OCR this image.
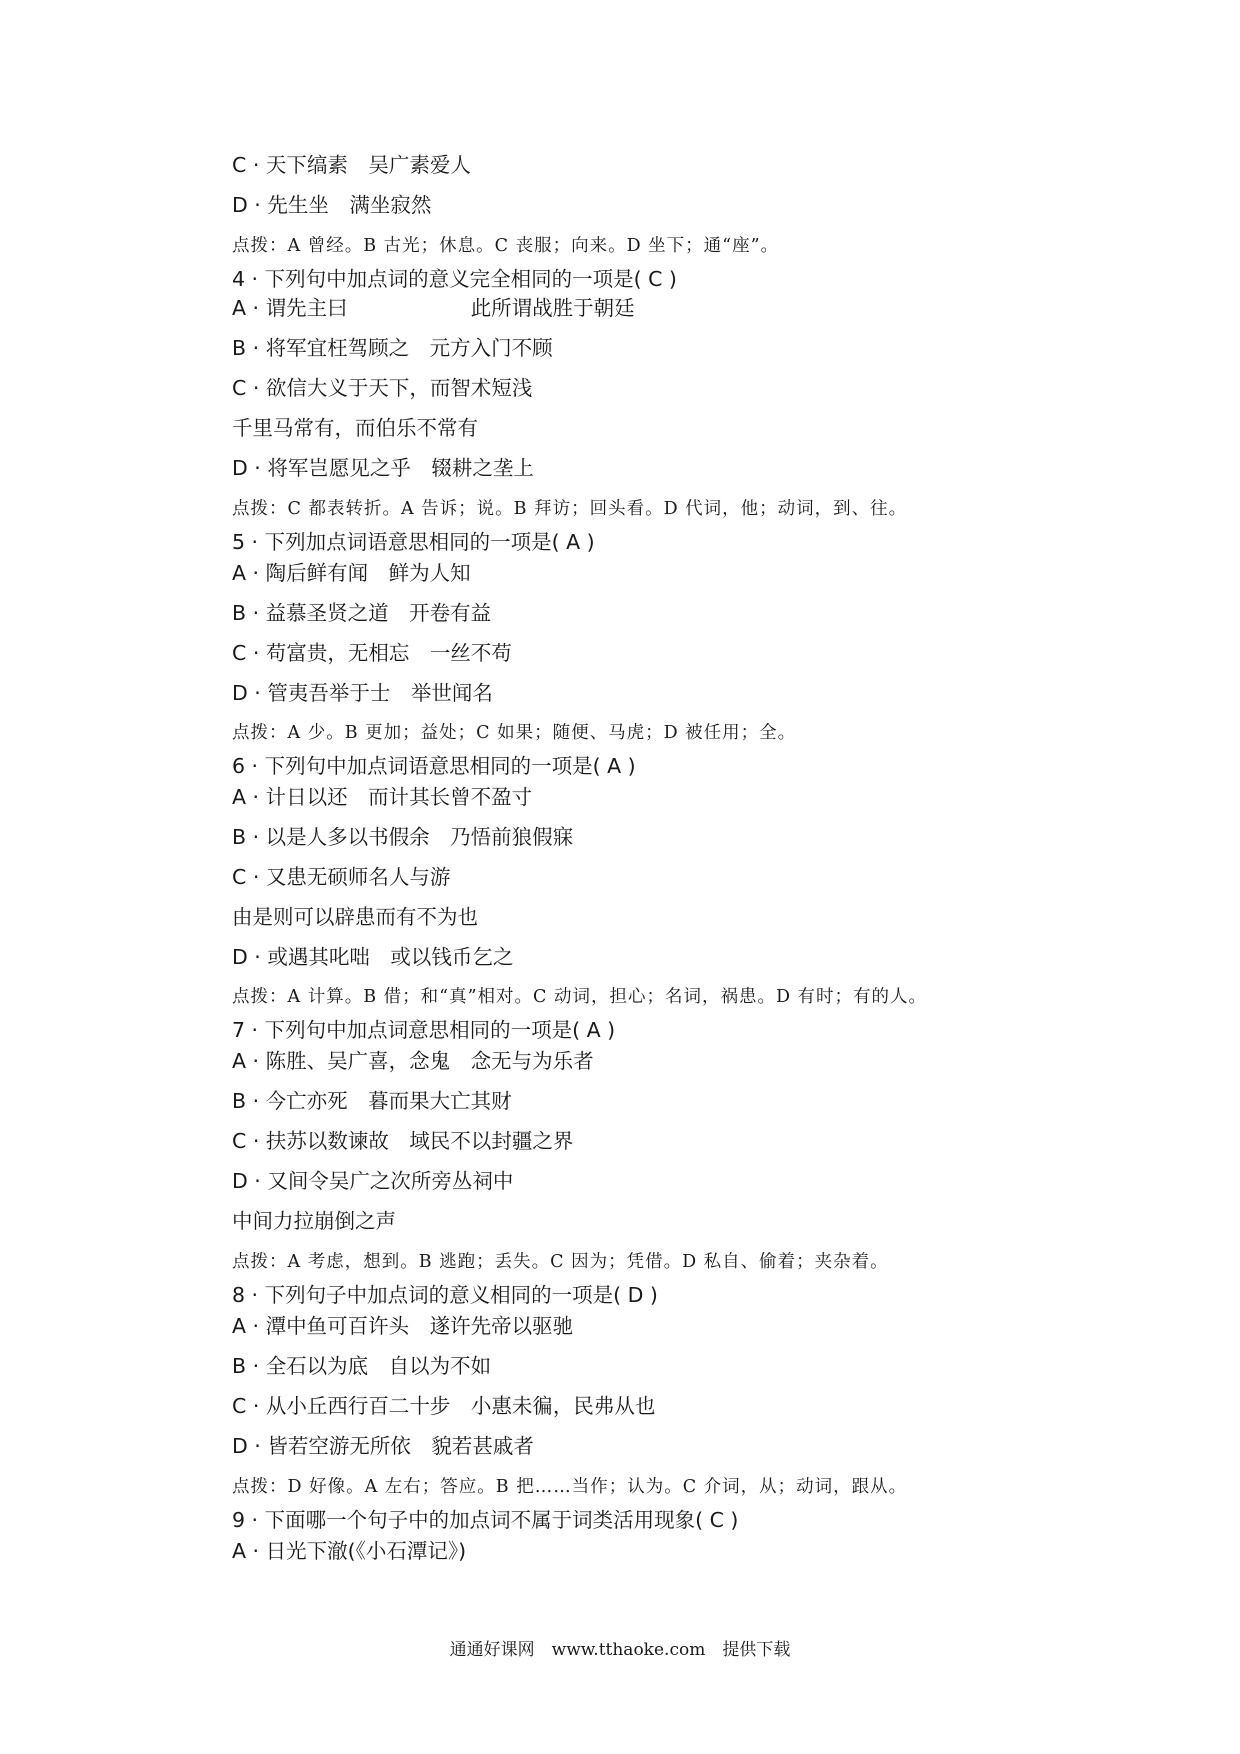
C · 天下缟素　吴广素爱人
D · 先生坐　满坐寂然
点拨：A 曾经。B 古光；休息。C 丧服；向来。D 坐下；通“座”。
4 · 下列句中加点词的意义完全相同的一项是( C )
A · 谓先主曰　　　　　　此所谓战胜于朝廷
B · 将军宜枉驾顾之　元方入门不顾
C · 欲信大义于天下，而智术短浅
千里马常有，而伯乐不常有
D · 将军岂愿见之乎　辍耕之垄上
点拨：C 都表转折。A 告诉；说。B 拜访；回头看。D 代词，他；动词，到、往。
5 · 下列加点词语意思相同的一项是( A )
A · 陶后鲜有闻　鲜为人知
B · 益慕圣贤之道　开卷有益
C · 苟富贵，无相忘　一丝不苟
D · 管夷吾举于士　举世闻名
点拨：A 少。B 更加；益处；C 如果；随便、马虎；D 被任用；全。
6 · 下列句中加点词语意思相同的一项是( A )
A · 计日以还　而计其长曾不盈寸
B · 以是人多以书假余　乃悟前狼假寐
C · 又患无硕师名人与游
由是则可以辟患而有不为也
D · 或遇其叱咄　或以钱币乞之
点拨：A 计算。B 借；和“真”相对。C 动词，担心；名词，祸患。D 有时；有的人。
7 · 下列句中加点词意思相同的一项是( A )
A · 陈胜、吴广喜，念鬼　念无与为乐者
B · 今亡亦死　暮而果大亡其财
C · 扶苏以数谏故　域民不以封疆之界
D · 又间令吴广之次所旁丛祠中
中间力拉崩倒之声
点拨：A 考虑，想到。B 逃跑；丢失。C 因为；凭借。D 私自、偷着；夹杂着。
8 · 下列句子中加点词的意义相同的一项是( D )
A · 潭中鱼可百许头　遂许先帝以驱驰
B · 全石以为底　自以为不如
C · 从小丘西行百二十步　小惠未徧，民弗从也
D · 皆若空游无所依　貌若甚戚者
点拨：D 好像。A 左右；答应。B 把……当作；认为。C 介词，从；动词，跟从。
9 · 下面哪一个句子中的加点词不属于词类活用现象( C )
A · 日光下澈(《小石潭记》)
通通好课网　www.tthaoke.com　提供下载
